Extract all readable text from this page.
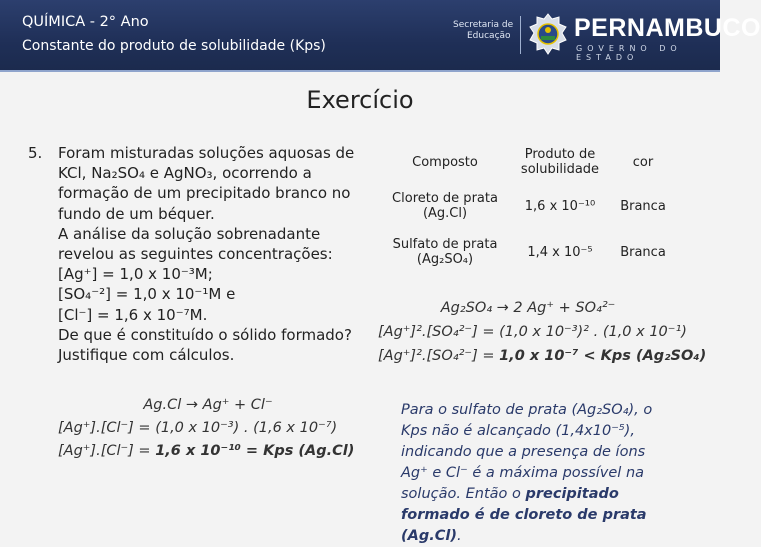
QUÍMICA - 2° Ano
Constante do produto de solubilidade (Kps)
Secretaria de
Educação	PERNAMBUCO
GOVERNO DO ESTADO
Exercício
5. Foram misturadas soluções aquosas de
KCl, Na₂SO₄ e AgNO₃, ocorrendo a
formação de um precipitado branco no
fundo de um béquer.
A análise da solução sobrenadante
revelou as seguintes concentrações:
[Ag⁺] = 1,0 x 10⁻³M;
[SO₄⁻²] = 1,0 x 10⁻¹M e
[Cl⁻] = 1,6 x 10⁻⁷M.
De que é constituído o sólido formado?
Justifique com cálculos.
Ag.Cl → Ag⁺ + Cl⁻
[Ag⁺].[Cl⁻] = (1,0 x 10⁻³) . (1,6 x 10⁻⁷)
[Ag⁺].[Cl⁻] = 1,6 x 10⁻¹⁰ = Kps (Ag.Cl)
Composto	Produto de solubilidade	cor
Cloreto de prata (Ag.Cl)	1,6 x 10⁻¹⁰	Branca
Sulfato de prata (Ag₂SO₄)	1,4 x 10⁻⁵	Branca
Ag₂SO₄ → 2 Ag⁺ + SO₄²⁻
[Ag⁺]².[SO₄²⁻] = (1,0 x 10⁻³)² . (1,0 x 10⁻¹)
[Ag⁺]².[SO₄²⁻] = 1,0 x 10⁻⁷ < Kps (Ag₂SO₄)
Para o sulfato de prata (Ag₂SO₄), o Kps não é alcançado (1,4x10⁻⁵), indicando que a presença de íons Ag⁺ e Cl⁻ é a máxima possível na solução. Então o precipitado formado é de cloreto de prata (Ag.Cl).
